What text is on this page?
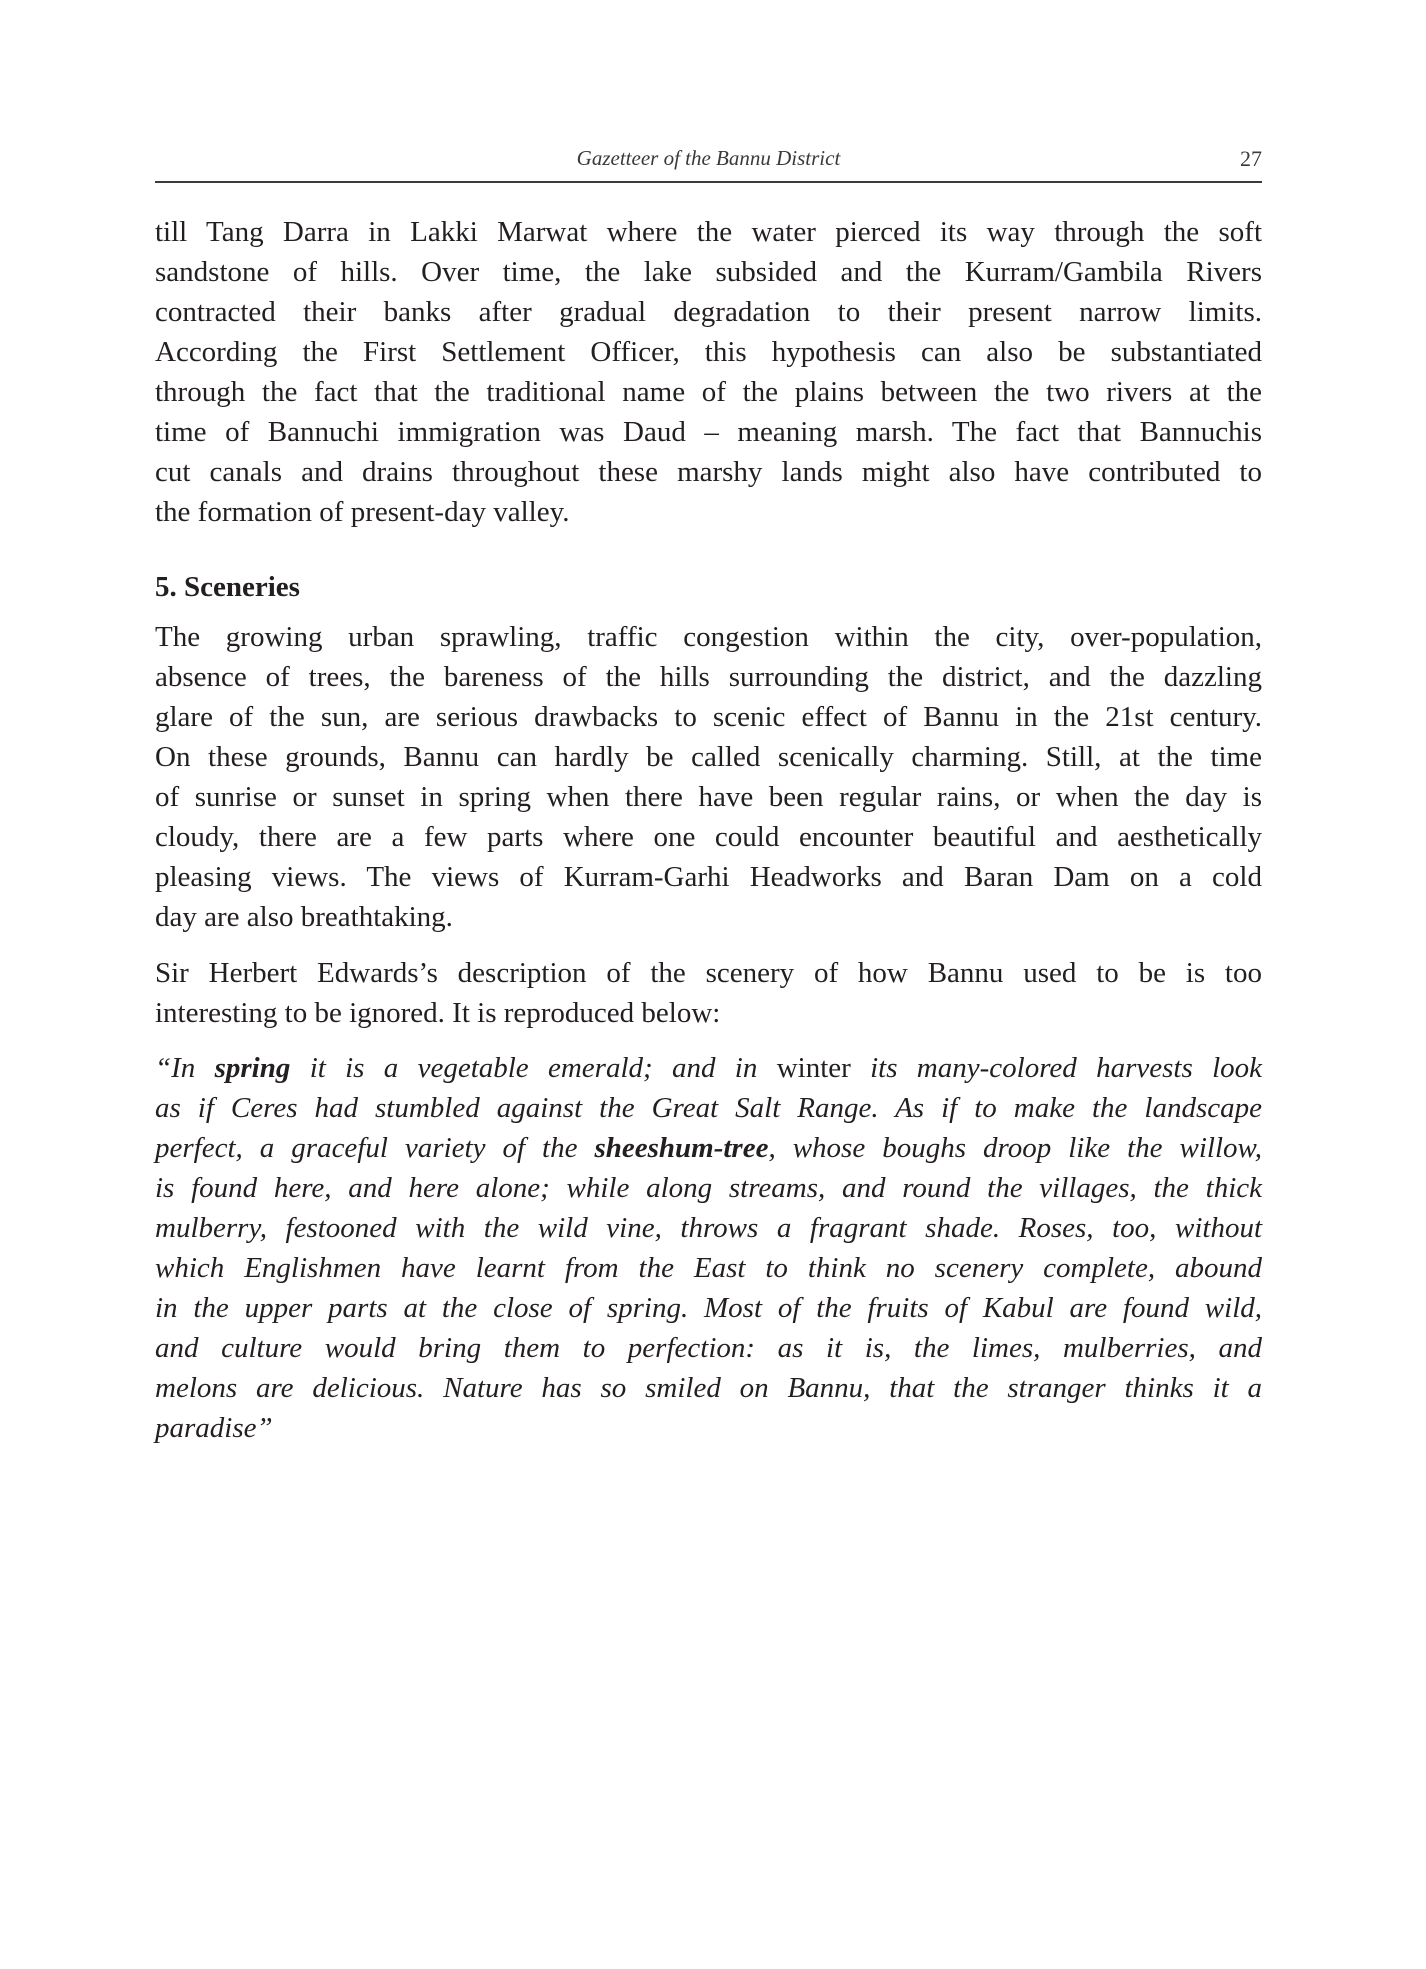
Gazetteer of the Bannu District	27
till Tang Darra in Lakki Marwat where the water pierced its way through the soft
sandstone of hills. Over time, the lake subsided and the Kurram/Gambila Rivers
contracted their banks after gradual degradation to their present narrow limits.
According the First Settlement Officer, this hypothesis can also be substantiated
through the fact that the traditional name of the plains between the two rivers at the
time of Bannuchi immigration was Daud – meaning marsh. The fact that Bannuchis
cut canals and drains throughout these marshy lands might also have contributed to
the formation of present-day valley.
5. Sceneries
The growing urban sprawling, traffic congestion within the city, over-population,
absence of trees, the bareness of the hills surrounding the district, and the dazzling
glare of the sun, are serious drawbacks to scenic effect of Bannu in the 21st century.
On these grounds, Bannu can hardly be called scenically charming. Still, at the time
of sunrise or sunset in spring when there have been regular rains, or when the day is
cloudy, there are a few parts where one could encounter beautiful and aesthetically
pleasing views. The views of Kurram-Garhi Headworks and Baran Dam on a cold
day are also breathtaking.
Sir Herbert Edwards’s description of the scenery of how Bannu used to be is too
interesting to be ignored. It is reproduced below:
“In spring it is a vegetable emerald; and in winter its many-colored harvests look
as if Ceres had stumbled against the Great Salt Range. As if to make the landscape
perfect, a graceful variety of the sheeshum-tree, whose boughs droop like the willow,
is found here, and here alone; while along streams, and round the villages, the thick
mulberry, festooned with the wild vine, throws a fragrant shade. Roses, too, without
which Englishmen have learnt from the East to think no scenery complete, abound
in the upper parts at the close of spring. Most of the fruits of Kabul are found wild,
and culture would bring them to perfection: as it is, the limes, mulberries, and
melons are delicious. Nature has so smiled on Bannu, that the stranger thinks it a
paradise”
